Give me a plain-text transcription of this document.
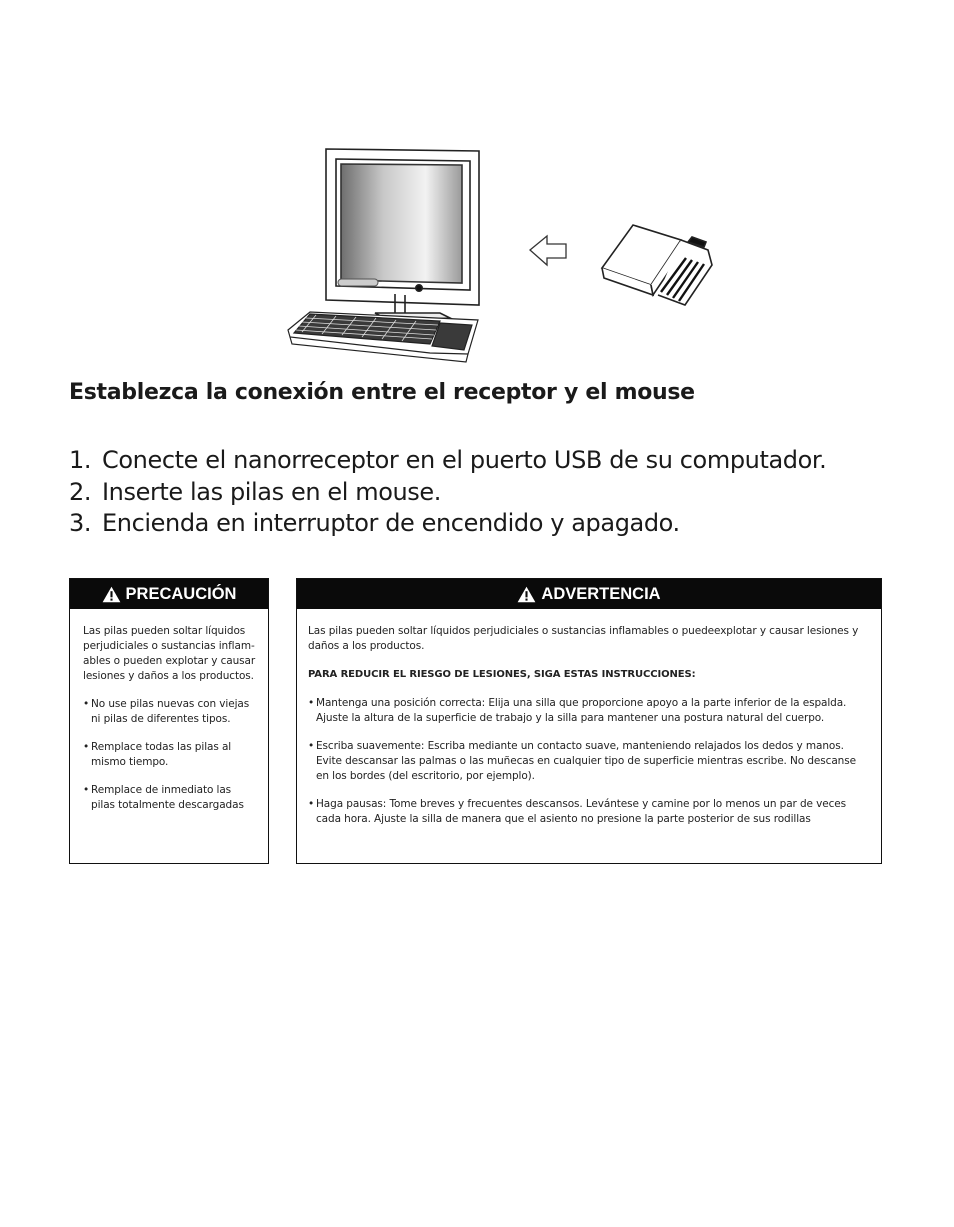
Establezca la conexión entre el receptor y el mouse
1. Conecte el nanorreceptor en el puerto USB de su computador.
2. Inserte las pilas en el mouse.
3. Encienda en interruptor de encendido y apagado.
PRECAUCIÓN

Las pilas pueden soltar líquidos perjudiciales o sustancias inflam-ables o pueden explotar y causar lesiones y daños a los productos.

• No use pilas nuevas con viejas ni pilas de diferentes tipos.
• Remplace todas las pilas al mismo tiempo.
• Remplace de inmediato las pilas totalmente descargadas
ADVERTENCIA

Las pilas pueden soltar líquidos perjudiciales o sustancias inflamables o puedeexplotar y causar lesiones y daños a los productos.

PARA REDUCIR EL RIESGO DE LESIONES, SIGA ESTAS INSTRUCCIONES:

• Mantenga una posición correcta: Elija una silla que proporcione apoyo a la parte inferior de la espalda. Ajuste la altura de la superficie de trabajo y la silla para mantener una postura natural del cuerpo.
• Escriba suavemente: Escriba mediante un contacto suave, manteniendo relajados los dedos y manos. Evite descansar las palmas o las muñecas en cualquier tipo de superficie mientras escribe. No descanse en los bordes (del escritorio, por ejemplo).
• Haga pausas: Tome breves y frecuentes descansos. Levántese y camine por lo menos un par de veces cada hora. Ajuste la silla de manera que el asiento no presione la parte posterior de sus rodillas
